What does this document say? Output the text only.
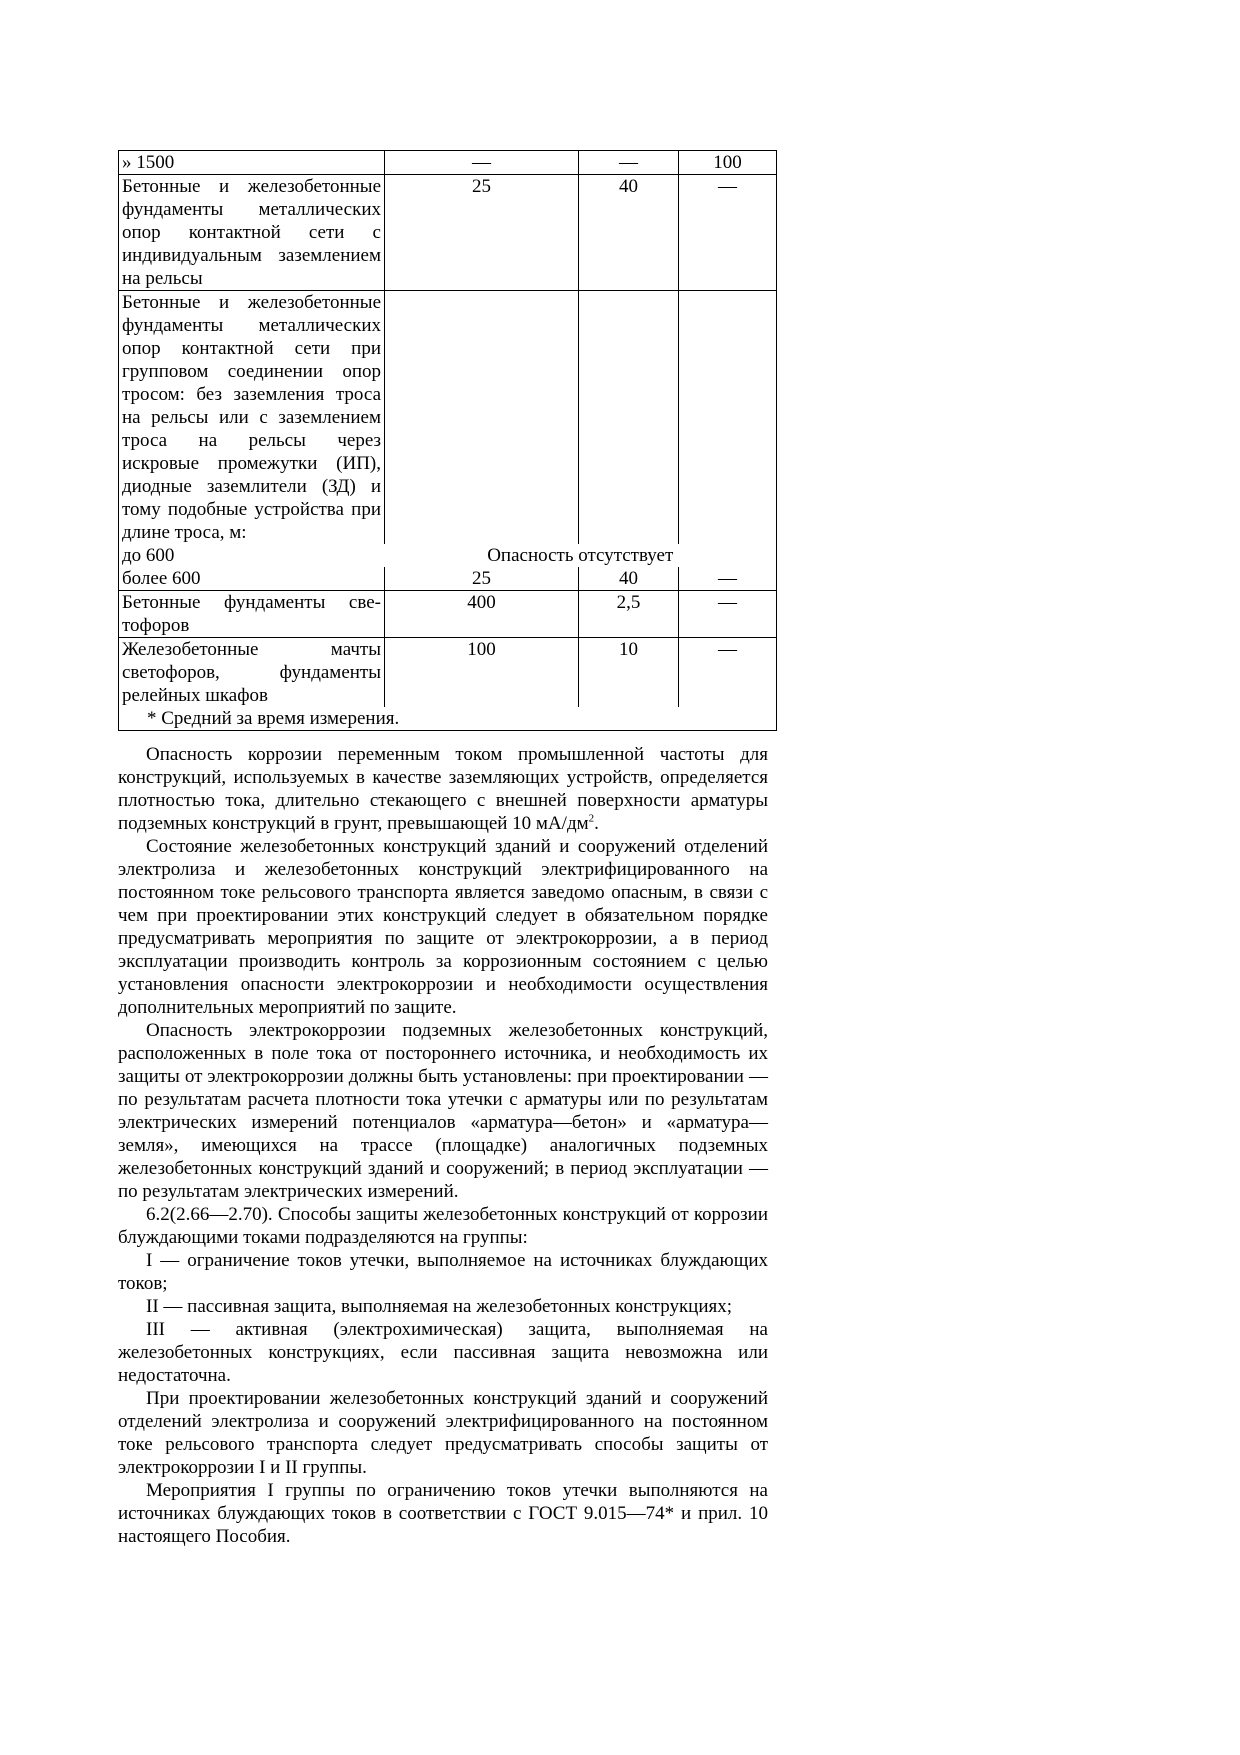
» 1500	—	—	100
Бетонные и железобетонные фундаменты металлических опор контактной сети с индивидуальным заземлением на рельсы	25	40	—
Бетонные и железобетонные фундаменты металлических опор контактной сети при групповом соединении опор тросом: без заземления троса на рельсы или с заземлением троса на рельсы через искровые промежутки (ИП), диодные заземлители (ЗД) и тому подобные устройства при длине троса, м:			
до 600	Опасность отсутствует		
более 600	25	40	—
Бетонные фундаменты све-тофоров	400	2,5	—
Железобетонные мачты светофоров, фундаменты релейных шкафов	100	10	—
* Средний за время измерения.			

Опасность коррозии переменным током промышленной частоты для конструкций, используемых в качестве заземляющих устройств, определяется плотностью тока, длительно стекающего с внешней поверхности арматуры подземных конструкций в грунт, превышающей 10 $мА/дм^2$.

Состояние железобетонных конструкций зданий и сооружений отделений электролиза и железобетонных конструкций электрифицированного на постоянном токе рельсового транспорта является заведомо опасным, в связи с чем при проектировании этих конструкций следует в обязательном порядке предусматривать мероприятия по защите от электрокоррозии, а в период эксплуатации производить контроль за коррозионным состоянием с целью установления опасности электрокоррозии и необходимости осуществления дополнительных мероприятий по защите.

Опасность электрокоррозии подземных железобетонных конструкций, расположенных в поле тока от постороннего источника, и необходимость их защиты от электрокоррозии должны быть установлены: при проектировании — по результатам расчета плотности тока утечки с арматуры или по результатам электрических измерений потенциалов «арматура—бетон» и «арматура—земля», имеющихся на трассе (площадке) аналогичных подземных железобетонных конструкций зданий и сооружений; в период эксплуатации — по результатам электрических измерений.

6.2(2.66—2.70). Способы защиты железобетонных конструкций от коррозии блуждающими токами подразделяются на группы:

I — ограничение токов утечки, выполняемое на источниках блуждающих токов;

II — пассивная защита, выполняемая на железобетонных конструкциях;

III — активная (электрохимическая) защита, выполняемая на железобетонных конструкциях, если пассивная защита невозможна или недостаточна.

При проектировании железобетонных конструкций зданий и сооружений отделений электролиза и сооружений электрифицированного на постоянном токе рельсового транспорта следует предусматривать способы защиты от электрокоррозии I и II группы.

Мероприятия I группы по ограничению токов утечки выполняются на источниках блуждающих токов в соответствии с ГОСТ 9.015—74* и прил. 10 настоящего Пособия.
